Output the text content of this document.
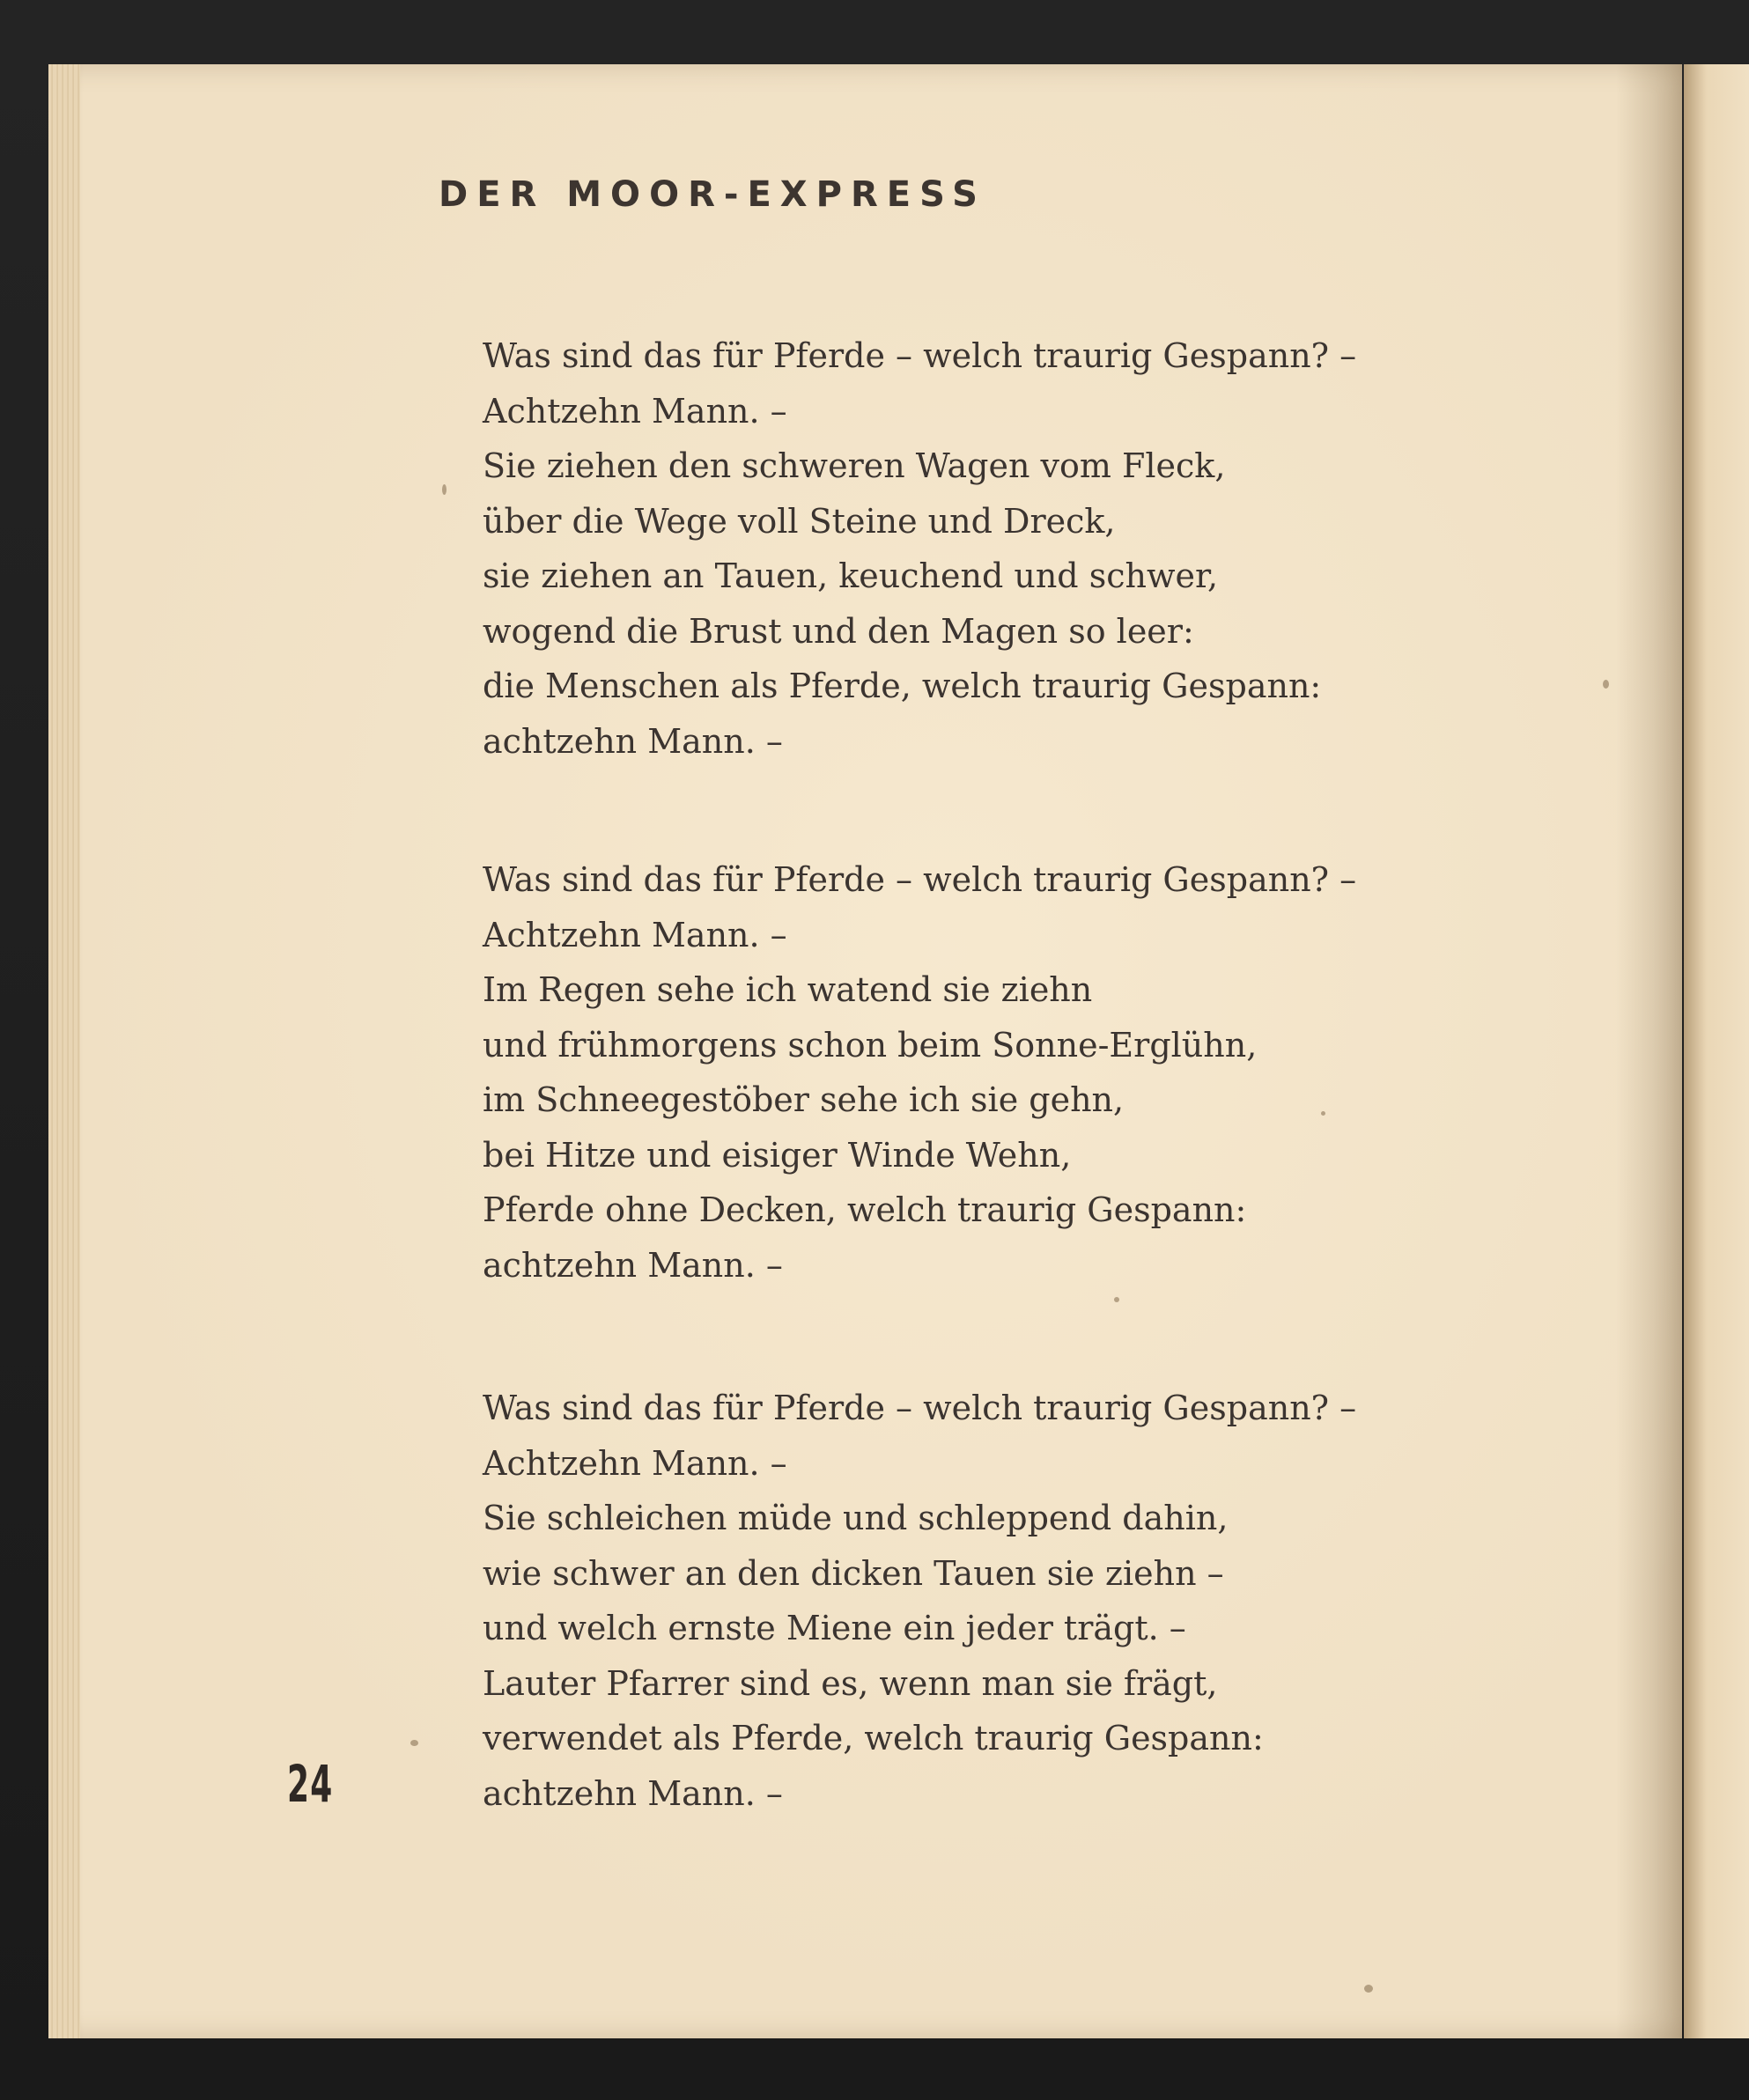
DER MOOR-EXPRESS
Was sind das für Pferde – welch traurig Gespann? –
Achtzehn Mann. –
Sie ziehen den schweren Wagen vom Fleck,
über die Wege voll Steine und Dreck,
sie ziehen an Tauen, keuchend und schwer,
wogend die Brust und den Magen so leer:
die Menschen als Pferde, welch traurig Gespann:
achtzehn Mann. –
Was sind das für Pferde – welch traurig Gespann? –
Achtzehn Mann. –
Im Regen sehe ich watend sie ziehn
und frühmorgens schon beim Sonne-Erglühn,
im Schneegestöber sehe ich sie gehn,
bei Hitze und eisiger Winde Wehn,
Pferde ohne Decken, welch traurig Gespann:
achtzehn Mann. –
Was sind das für Pferde – welch traurig Gespann? –
Achtzehn Mann. –
Sie schleichen müde und schleppend dahin,
wie schwer an den dicken Tauen sie ziehn –
und welch ernste Miene ein jeder trägt. –
Lauter Pfarrer sind es, wenn man sie frägt,
verwendet als Pferde, welch traurig Gespann:
achtzehn Mann. –
24
